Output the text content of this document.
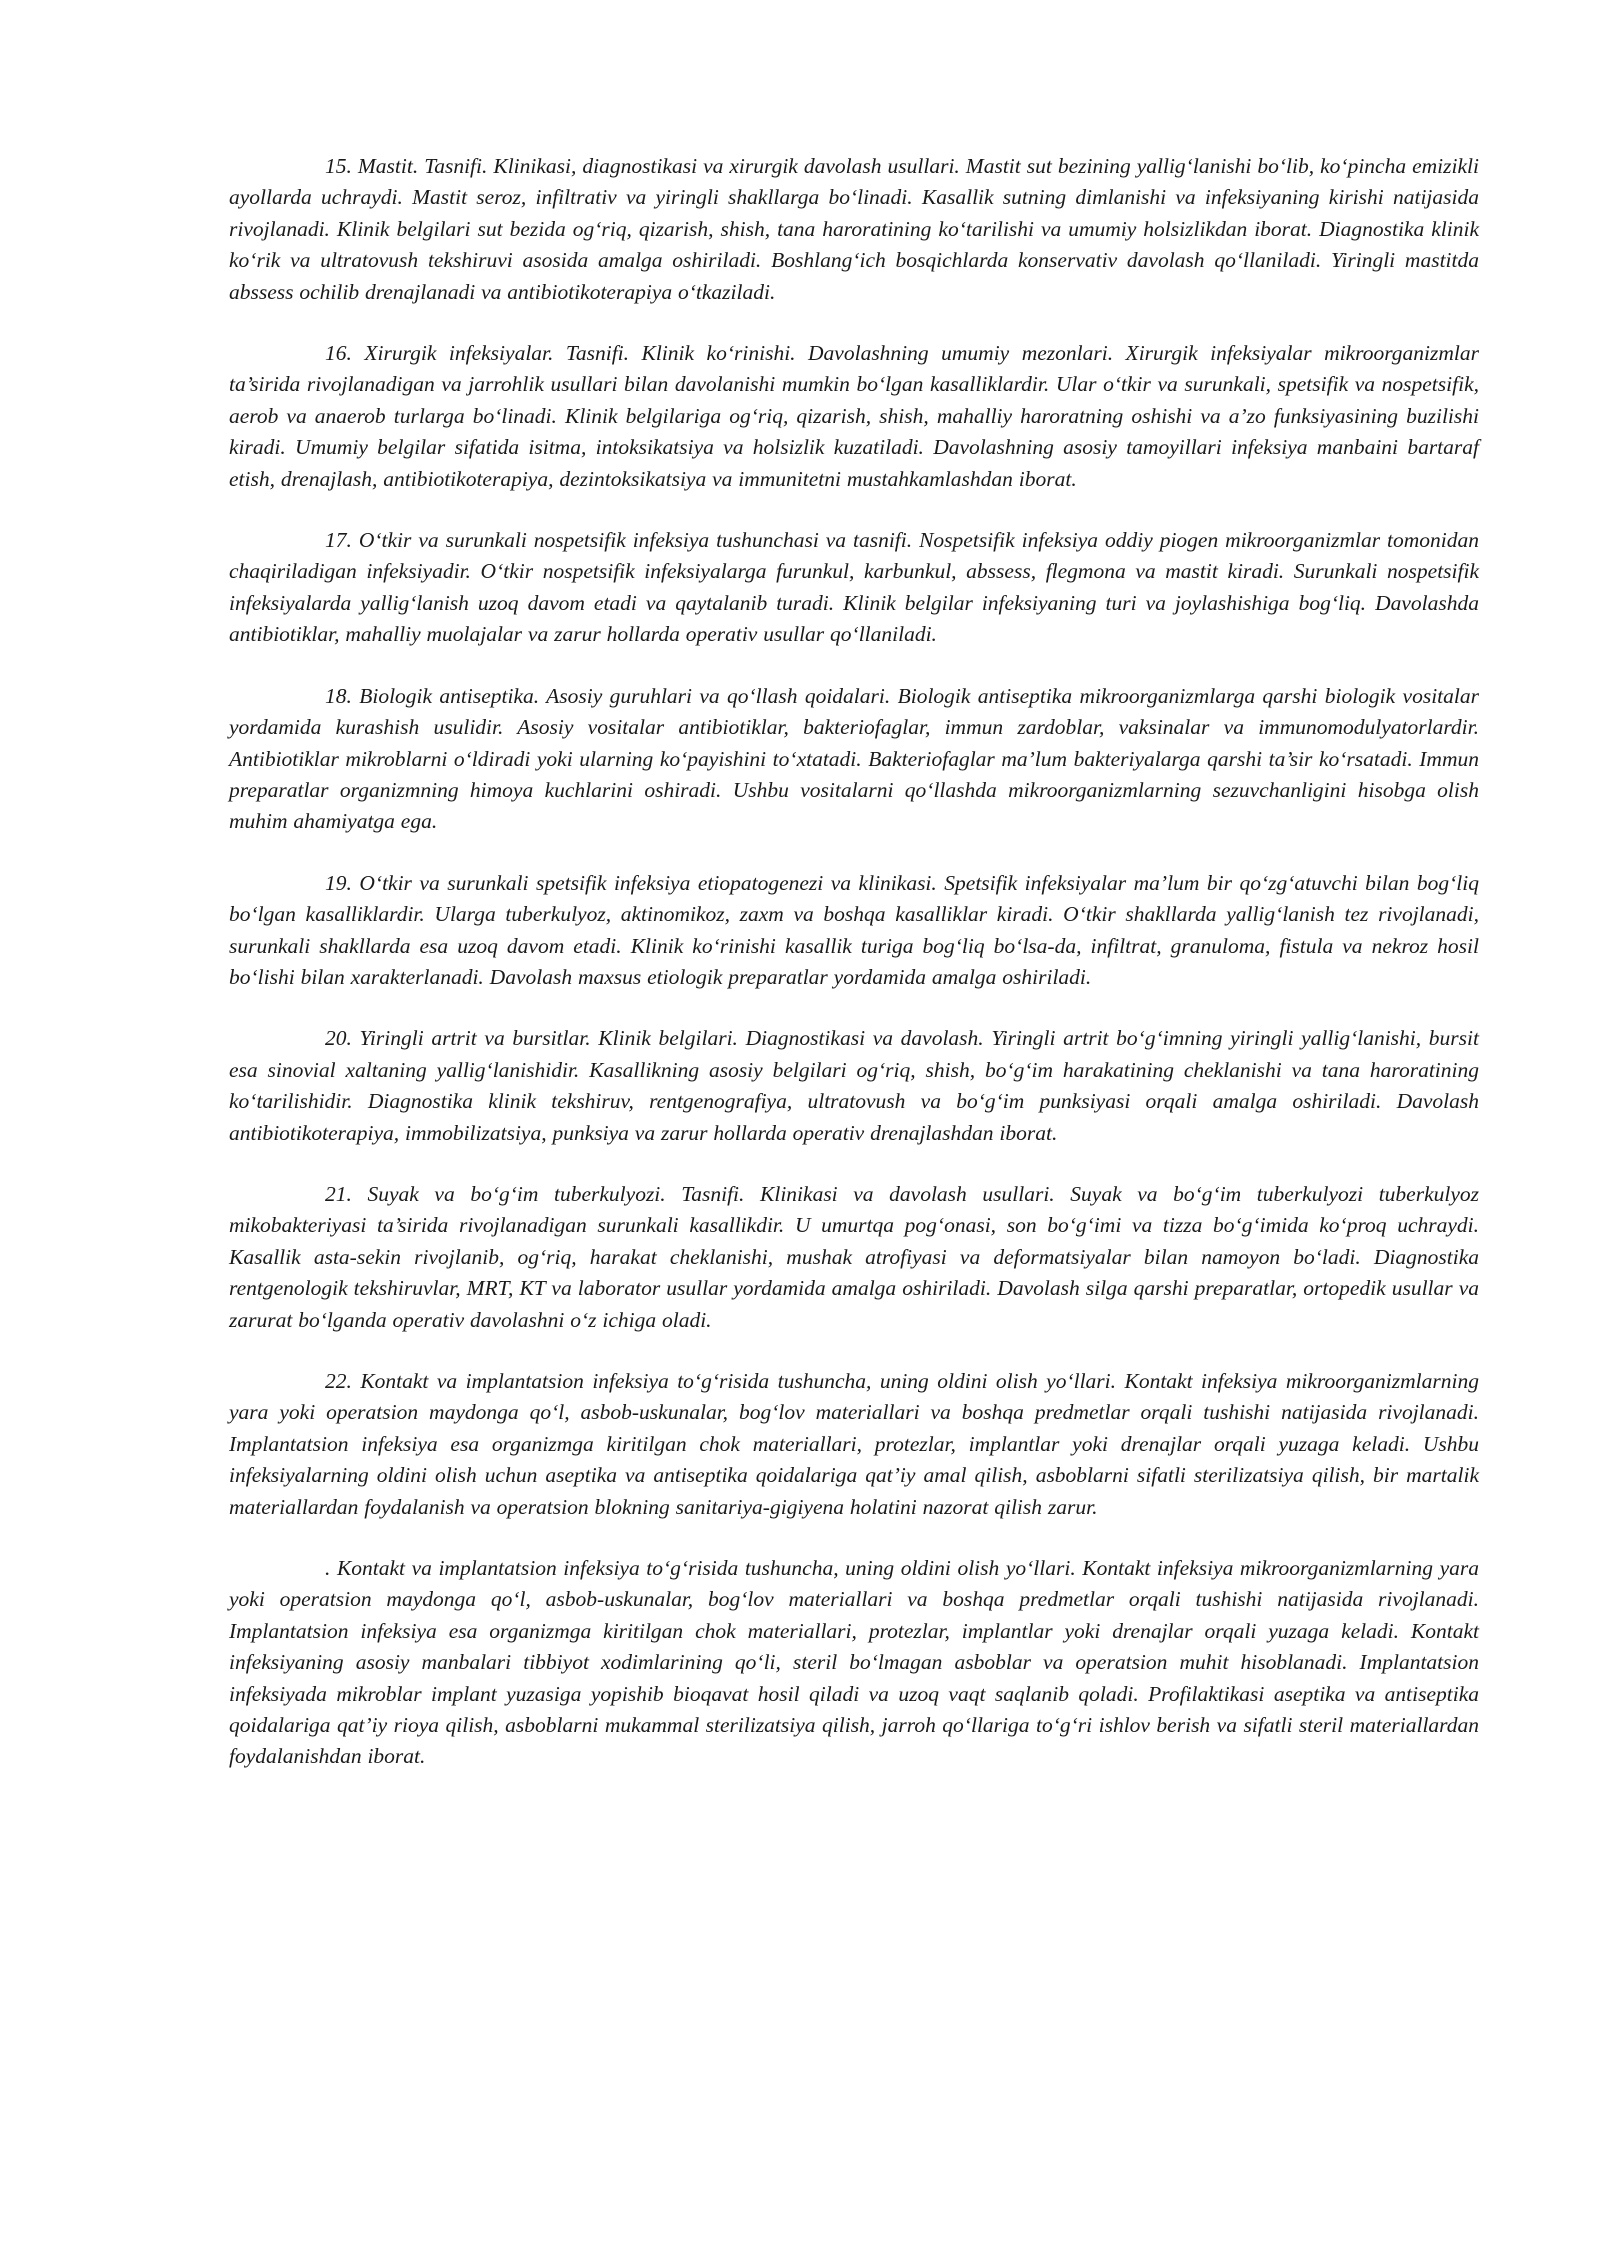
15. Mastit. Tasnifi. Klinikasi, diagnostikasi va xirurgik davolash usullari. Mastit sut bezining yallig‘lanishi bo‘lib, ko‘pincha emizikli ayollarda uchraydi. Mastit seroz, infiltrativ va yiringli shakllarga bo‘linadi. Kasallik sutning dimlanishi va infeksiyaning kirishi natijasida rivojlanadi. Klinik belgilari sut bezida og‘riq, qizarish, shish, tana haroratining ko‘tarilishi va umumiy holsizlikdan iborat. Diagnostika klinik ko‘rik va ultratovush tekshiruvi asosida amalga oshiriladi. Boshlang‘ich bosqichlarda konservativ davolash qo‘llaniladi. Yiringli mastitda abssess ochilib drenajlanadi va antibiotikoterapiya o‘tkaziladi.

16. Xirurgik infeksiyalar. Tasnifi. Klinik ko‘rinishi. Davolashning umumiy mezonlari. Xirurgik infeksiyalar mikroorganizmlar ta’sirida rivojlanadigan va jarrohlik usullari bilan davolanishi mumkin bo‘lgan kasalliklardir. Ular o‘tkir va surunkali, spetsifik va nospetsifik, aerob va anaerob turlarga bo‘linadi. Klinik belgilariga og‘riq, qizarish, shish, mahalliy haroratning oshishi va a’zo funksiyasining buzilishi kiradi. Umumiy belgilar sifatida isitma, intoksikatsiya va holsizlik kuzatiladi. Davolashning asosiy tamoyillari infeksiya manbaini bartaraf etish, drenajlash, antibiotikoterapiya, dezintoksikatsiya va immunitetni mustahkamlashdan iborat.

17. O‘tkir va surunkali nospetsifik infeksiya tushunchasi va tasnifi. Nospetsifik infeksiya oddiy piogen mikroorganizmlar tomonidan chaqiriladigan infeksiyadir. O‘tkir nospetsifik infeksiyalarga furunkul, karbunkul, abssess, flegmona va mastit kiradi. Surunkali nospetsifik infeksiyalarda yallig‘lanish uzoq davom etadi va qaytalanib turadi. Klinik belgilar infeksiyaning turi va joylashishiga bog‘liq. Davolashda antibiotiklar, mahalliy muolajalar va zarur hollarda operativ usullar qo‘llaniladi.

18. Biologik antiseptika. Asosiy guruhlari va qo‘llash qoidalari. Biologik antiseptika mikroorganizmlarga qarshi biologik vositalar yordamida kurashish usulidir. Asosiy vositalar antibiotiklar, bakteriofaglar, immun zardoblar, vaksinalar va immunomodulyatorlardir. Antibiotiklar mikroblarni o‘ldiradi yoki ularning ko‘payishini to‘xtatadi. Bakteriofaglar ma’lum bakteriyalarga qarshi ta’sir ko‘rsatadi. Immun preparatlar organizmning himoya kuchlarini oshiradi. Ushbu vositalarni qo‘llashda mikroorganizmlarning sezuvchanligini hisobga olish muhim ahamiyatga ega.

19. O‘tkir va surunkali spetsifik infeksiya etiopatogenezi va klinikasi. Spetsifik infeksiyalar ma’lum bir qo‘zg‘atuvchi bilan bog‘liq bo‘lgan kasalliklardir. Ularga tuberkulyoz, aktinomikoz, zaxm va boshqa kasalliklar kiradi. O‘tkir shakllarda yallig‘lanish tez rivojlanadi, surunkali shakllarda esa uzoq davom etadi. Klinik ko‘rinishi kasallik turiga bog‘liq bo‘lsa-da, infiltrat, granuloma, fistula va nekroz hosil bo‘lishi bilan xarakterlanadi. Davolash maxsus etiologik preparatlar yordamida amalga oshiriladi.

20. Yiringli artrit va bursitlar. Klinik belgilari. Diagnostikasi va davolash. Yiringli artrit bo‘g‘imning yiringli yallig‘lanishi, bursit esa sinovial xaltaning yallig‘lanishidir. Kasallikning asosiy belgilari og‘riq, shish, bo‘g‘im harakatining cheklanishi va tana haroratining ko‘tarilishidir. Diagnostika klinik tekshiruv, rentgenografiya, ultratovush va bo‘g‘im punksiyasi orqali amalga oshiriladi. Davolash antibiotikoterapiya, immobilizatsiya, punksiya va zarur hollarda operativ drenajlashdan iborat.

21. Suyak va bo‘g‘im tuberkulyozi. Tasnifi. Klinikasi va davolash usullari. Suyak va bo‘g‘im tuberkulyozi tuberkulyoz mikobakteriyasi ta’sirida rivojlanadigan surunkali kasallikdir. U umurtqa pog‘onasi, son bo‘g‘imi va tizza bo‘g‘imida ko‘proq uchraydi. Kasallik asta-sekin rivojlanib, og‘riq, harakat cheklanishi, mushak atrofiyasi va deformatsiyalar bilan namoyon bo‘ladi. Diagnostika rentgenologik tekshiruvlar, MRT, KT va laborator usullar yordamida amalga oshiriladi. Davolash silga qarshi preparatlar, ortopedik usullar va zarurat bo‘lganda operativ davolashni o‘z ichiga oladi.

22. Kontakt va implantatsion infeksiya to‘g‘risida tushuncha, uning oldini olish yo‘llari. Kontakt infeksiya mikroorganizmlarning yara yoki operatsion maydonga qo‘l, asbob-uskunalar, bog‘lov materiallari va boshqa predmetlar orqali tushishi natijasida rivojlanadi. Implantatsion infeksiya esa organizmga kiritilgan chok materiallari, protezlar, implantlar yoki drenajlar orqali yuzaga keladi. Ushbu infeksiyalarning oldini olish uchun aseptika va antiseptika qoidalariga qat’iy amal qilish, asboblarni sifatli sterilizatsiya qilish, bir martalik materiallardan foydalanish va operatsion blokning sanitariya-gigiyena holatini nazorat qilish zarur.

. Kontakt va implantatsion infeksiya to‘g‘risida tushuncha, uning oldini olish yo‘llari. Kontakt infeksiya mikroorganizmlarning yara yoki operatsion maydonga qo‘l, asbob-uskunalar, bog‘lov materiallari va boshqa predmetlar orqali tushishi natijasida rivojlanadi. Implantatsion infeksiya esa organizmga kiritilgan chok materiallari, protezlar, implantlar yoki drenajlar orqali yuzaga keladi. Kontakt infeksiyaning asosiy manbalari tibbiyot xodimlarining qo‘li, steril bo‘lmagan asboblar va operatsion muhit hisoblanadi. Implantatsion infeksiyada mikroblar implant yuzasiga yopishib bioqavat hosil qiladi va uzoq vaqt saqlanib qoladi. Profilaktikasi aseptika va antiseptika qoidalariga qat’iy rioya qilish, asboblarni mukammal sterilizatsiya qilish, jarroh qo‘llariga to‘g‘ri ishlov berish va sifatli steril materiallardan foydalanishdan iborat.
